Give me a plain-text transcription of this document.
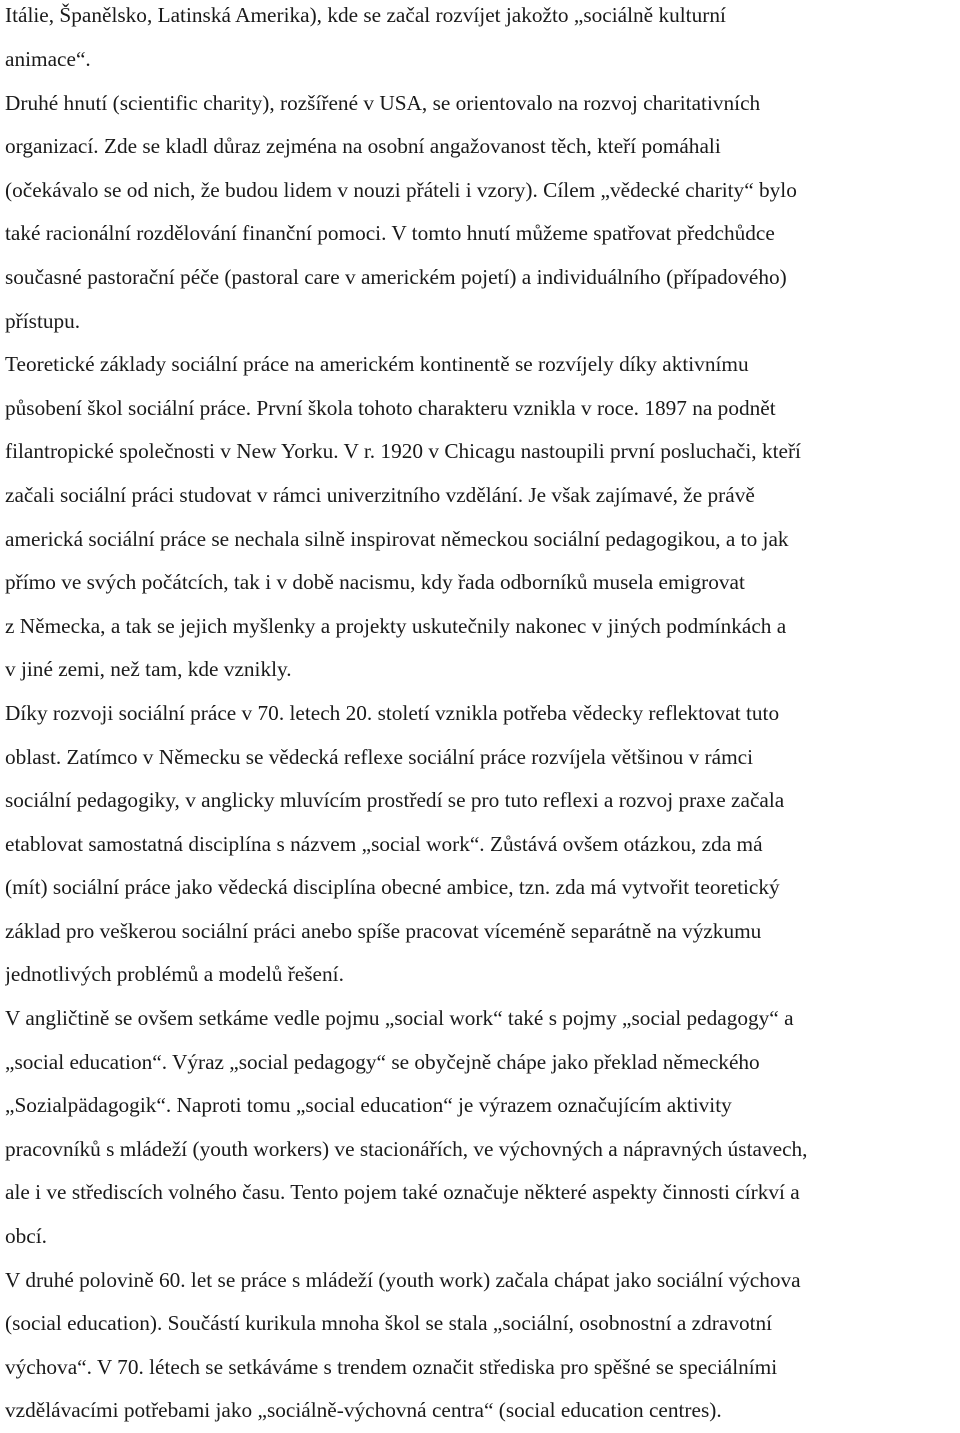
Itálie, Španělsko, Latinská Amerika), kde se začal rozvíjet jakožto „sociálně kulturní
animace“.
Druhé hnutí (scientific charity), rozšířené v USA, se orientovalo na rozvoj charitativních
organizací. Zde se kladl důraz zejména na osobní angažovanost těch, kteří pomáhali
(očekávalo se od nich, že budou lidem v nouzi přáteli i vzory). Cílem „vědecké charity“ bylo
také racionální rozdělování finanční pomoci. V tomto hnutí můžeme spatřovat předchůdce
současné pastorační péče (pastoral care v americkém pojetí) a individuálního (případového)
přístupu.
Teoretické základy sociální práce na americkém kontinentě se rozvíjely díky aktivnímu
působení škol sociální práce. První škola tohoto charakteru vznikla v roce. 1897 na podnět
filantropické společnosti v New Yorku. V r. 1920 v Chicagu nastoupili první posluchači, kteří
začali sociální práci studovat v rámci univerzitního vzdělání. Je však zajímavé, že právě
americká sociální práce se nechala silně inspirovat německou sociální pedagogikou, a to jak
přímo ve svých počátcích, tak i v době nacismu, kdy řada odborníků musela emigrovat
z Německa, a tak se jejich myšlenky a projekty uskutečnily nakonec v jiných podmínkách a
v jiné zemi, než tam, kde vznikly.
Díky rozvoji sociální práce v 70. letech 20. století vznikla potřeba vědecky reflektovat tuto
oblast. Zatímco v Německu se vědecká reflexe sociální práce rozvíjela většinou v rámci
sociální pedagogiky, v anglicky mluvícím prostředí se pro tuto reflexi a rozvoj praxe začala
etablovat samostatná disciplína s názvem „social work“. Zůstává ovšem otázkou, zda má
(mít) sociální práce jako vědecká disciplína obecné ambice, tzn. zda má vytvořit teoretický
základ pro veškerou sociální práci anebo spíše pracovat víceméně separátně na výzkumu
jednotlivých problémů a modelů řešení.
V angličtině se ovšem setkáme vedle pojmu „social work“ také s pojmy „social pedagogy“ a
„social education“. Výraz „social pedagogy“ se obyčejně chápe jako překlad německého
„Sozialpädagogik“. Naproti tomu „social education“ je výrazem označujícím aktivity
pracovníků s mládeží (youth workers) ve stacionářích, ve výchovných a nápravných ústavech,
ale i ve střediscích volného času. Tento pojem také označuje některé aspekty činnosti církví a
obcí.
V druhé polovině 60. let se práce s mládeží (youth work) začala chápat jako sociální výchova
(social education). Součástí kurikula mnoha škol se stala „sociální, osobnostní a zdravotní
výchova“. V 70. létech se setkáváme s trendem označit střediska pro spěšné se speciálními
vzdělávacími potřebami jako „sociálně-výchovná centra“ (social education centres).
